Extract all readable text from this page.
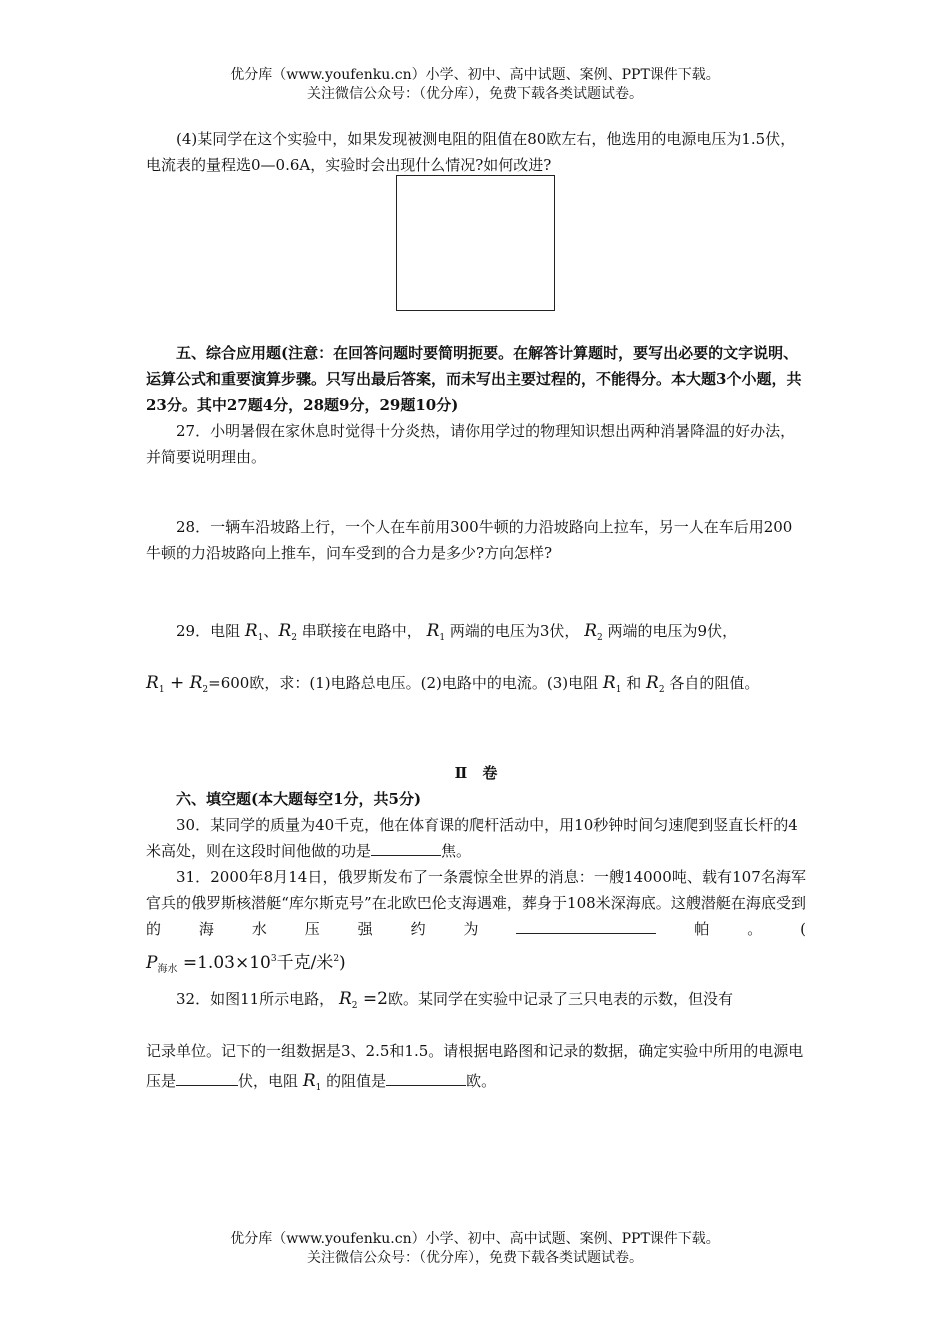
优分库（www.youfenku.cn）小学、初中、高中试题、案例、PPT课件下载。
关注微信公众号：（优分库），免费下载各类试题试卷。
(4)某同学在这个实验中，如果发现被测电阻的阻值在80欧左右，他选用的电源电压为1.5伏，电流表的量程选0—0.6A，实验时会出现什么情况?如何改进?
五、综合应用题(注意：在回答问题时要简明扼要。在解答计算题时，要写出必要的文字说明、运算公式和重要演算步骤。只写出最后答案，而未写出主要过程的，不能得分。本大题3个小题，共23分。其中27题4分，28题9分，29题10分)
27．小明暑假在家休息时觉得十分炎热，请你用学过的物理知识想出两种消暑降温的好办法，并简要说明理由。
28．一辆车沿坡路上行，一个人在车前用300牛顿的力沿坡路向上拉车，另一人在车后用200牛顿的力沿坡路向上推车，问车受到的合力是多少?方向怎样?
29．电阻 $R_1$、$R_2$ 串联接在电路中， $R_1$ 两端的电压为3伏， $R_2$ 两端的电压为9伏，
$R_1 + R_2=600$欧，求：(1)电路总电压。(2)电路中的电流。(3)电阻 $R_1$ 和 $R_2$ 各自的阻值。
Ⅱ　卷
六、填空题(本大题每空1分，共5分)
30．某同学的质量为40千克，他在体育课的爬杆活动中，用10秒钟时间匀速爬到竖直长杆的4米高处，则在这段时间他做的功是	焦。
31．2000年8月14日，俄罗斯发布了一条震惊全世界的消息：一艘14000吨、载有107名海军官兵的俄罗斯核潜艇“库尔斯克号”在北欧巴伦支海遇难，葬身于108米深海底。这艘潜艇在海底受到的海水压强约为	帕。(
$P_{海水} =1.03\times 10^3$千克/米$^2$)
32．如图11所示电路， $R_2 =2$欧。某同学在实验中记录了三只电表的示数，但没有
记录单位。记下的一组数据是3、2.5和1.5。请根据电路图和记录的数据，确定实验中所用的电源电压是	伏，电阻 $R_1$ 的阻值是	欧。
优分库（www.youfenku.cn）小学、初中、高中试题、案例、PPT课件下载。
关注微信公众号：（优分库），免费下载各类试题试卷。
